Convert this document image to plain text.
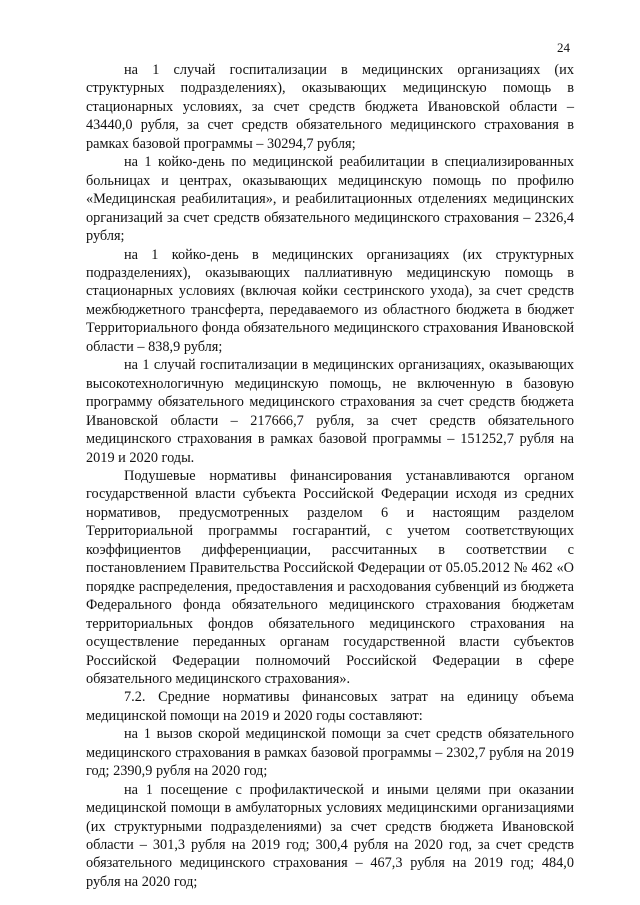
24

на 1 случай госпитализации в медицинских организациях (их структурных подразделениях), оказывающих медицинскую помощь в стационарных условиях, за счет средств бюджета Ивановской области – 43440,0 рубля, за счет средств обязательного медицинского страхования в рамках базовой программы – 30294,7 рубля;

на 1 койко-день по медицинской реабилитации в специализированных больницах и центрах, оказывающих медицинскую помощь по профилю «Медицинская реабилитация», и реабилитационных отделениях медицинских организаций за счет средств обязательного медицинского страхования – 2326,4 рубля;

на 1 койко-день в медицинских организациях (их структурных подразделениях), оказывающих паллиативную медицинскую помощь в стационарных условиях (включая койки сестринского ухода), за счет средств межбюджетного трансферта, передаваемого из областного бюджета в бюджет Территориального фонда обязательного медицинского страхования Ивановской области – 838,9 рубля;

на 1 случай госпитализации в медицинских организациях, оказывающих высокотехнологичную медицинскую помощь, не включенную в базовую программу обязательного медицинского страхования за счет средств бюджета Ивановской области – 217666,7 рубля, за счет средств обязательного медицинского страхования в рамках базовой программы – 151252,7 рубля на 2019 и 2020 годы.

Подушевые нормативы финансирования устанавливаются органом государственной власти субъекта Российской Федерации исходя из средних нормативов, предусмотренных разделом 6 и настоящим разделом Территориальной программы госгарантий, с учетом соответствующих коэффициентов дифференциации, рассчитанных в соответствии с постановлением Правительства Российской Федерации от 05.05.2012 № 462 «О порядке распределения, предоставления и расходования субвенций из бюджета Федерального фонда обязательного медицинского страхования бюджетам территориальных фондов обязательного медицинского страхования на осуществление переданных органам государственной власти субъектов Российской Федерации полномочий Российской Федерации в сфере обязательного медицинского страхования».

7.2. Средние нормативы финансовых затрат на единицу объема медицинской помощи на 2019 и 2020 годы составляют:

на 1 вызов скорой медицинской помощи за счет средств обязательного медицинского страхования в рамках базовой программы – 2302,7 рубля на 2019 год; 2390,9 рубля на 2020 год;

на 1 посещение с профилактической и иными целями при оказании медицинской помощи в амбулаторных условиях медицинскими организациями (их структурными подразделениями) за счет средств бюджета Ивановской области – 301,3 рубля на 2019 год; 300,4 рубля на 2020 год, за счет средств обязательного медицинского страхования – 467,3 рубля на 2019 год; 484,0 рубля на 2020 год;
